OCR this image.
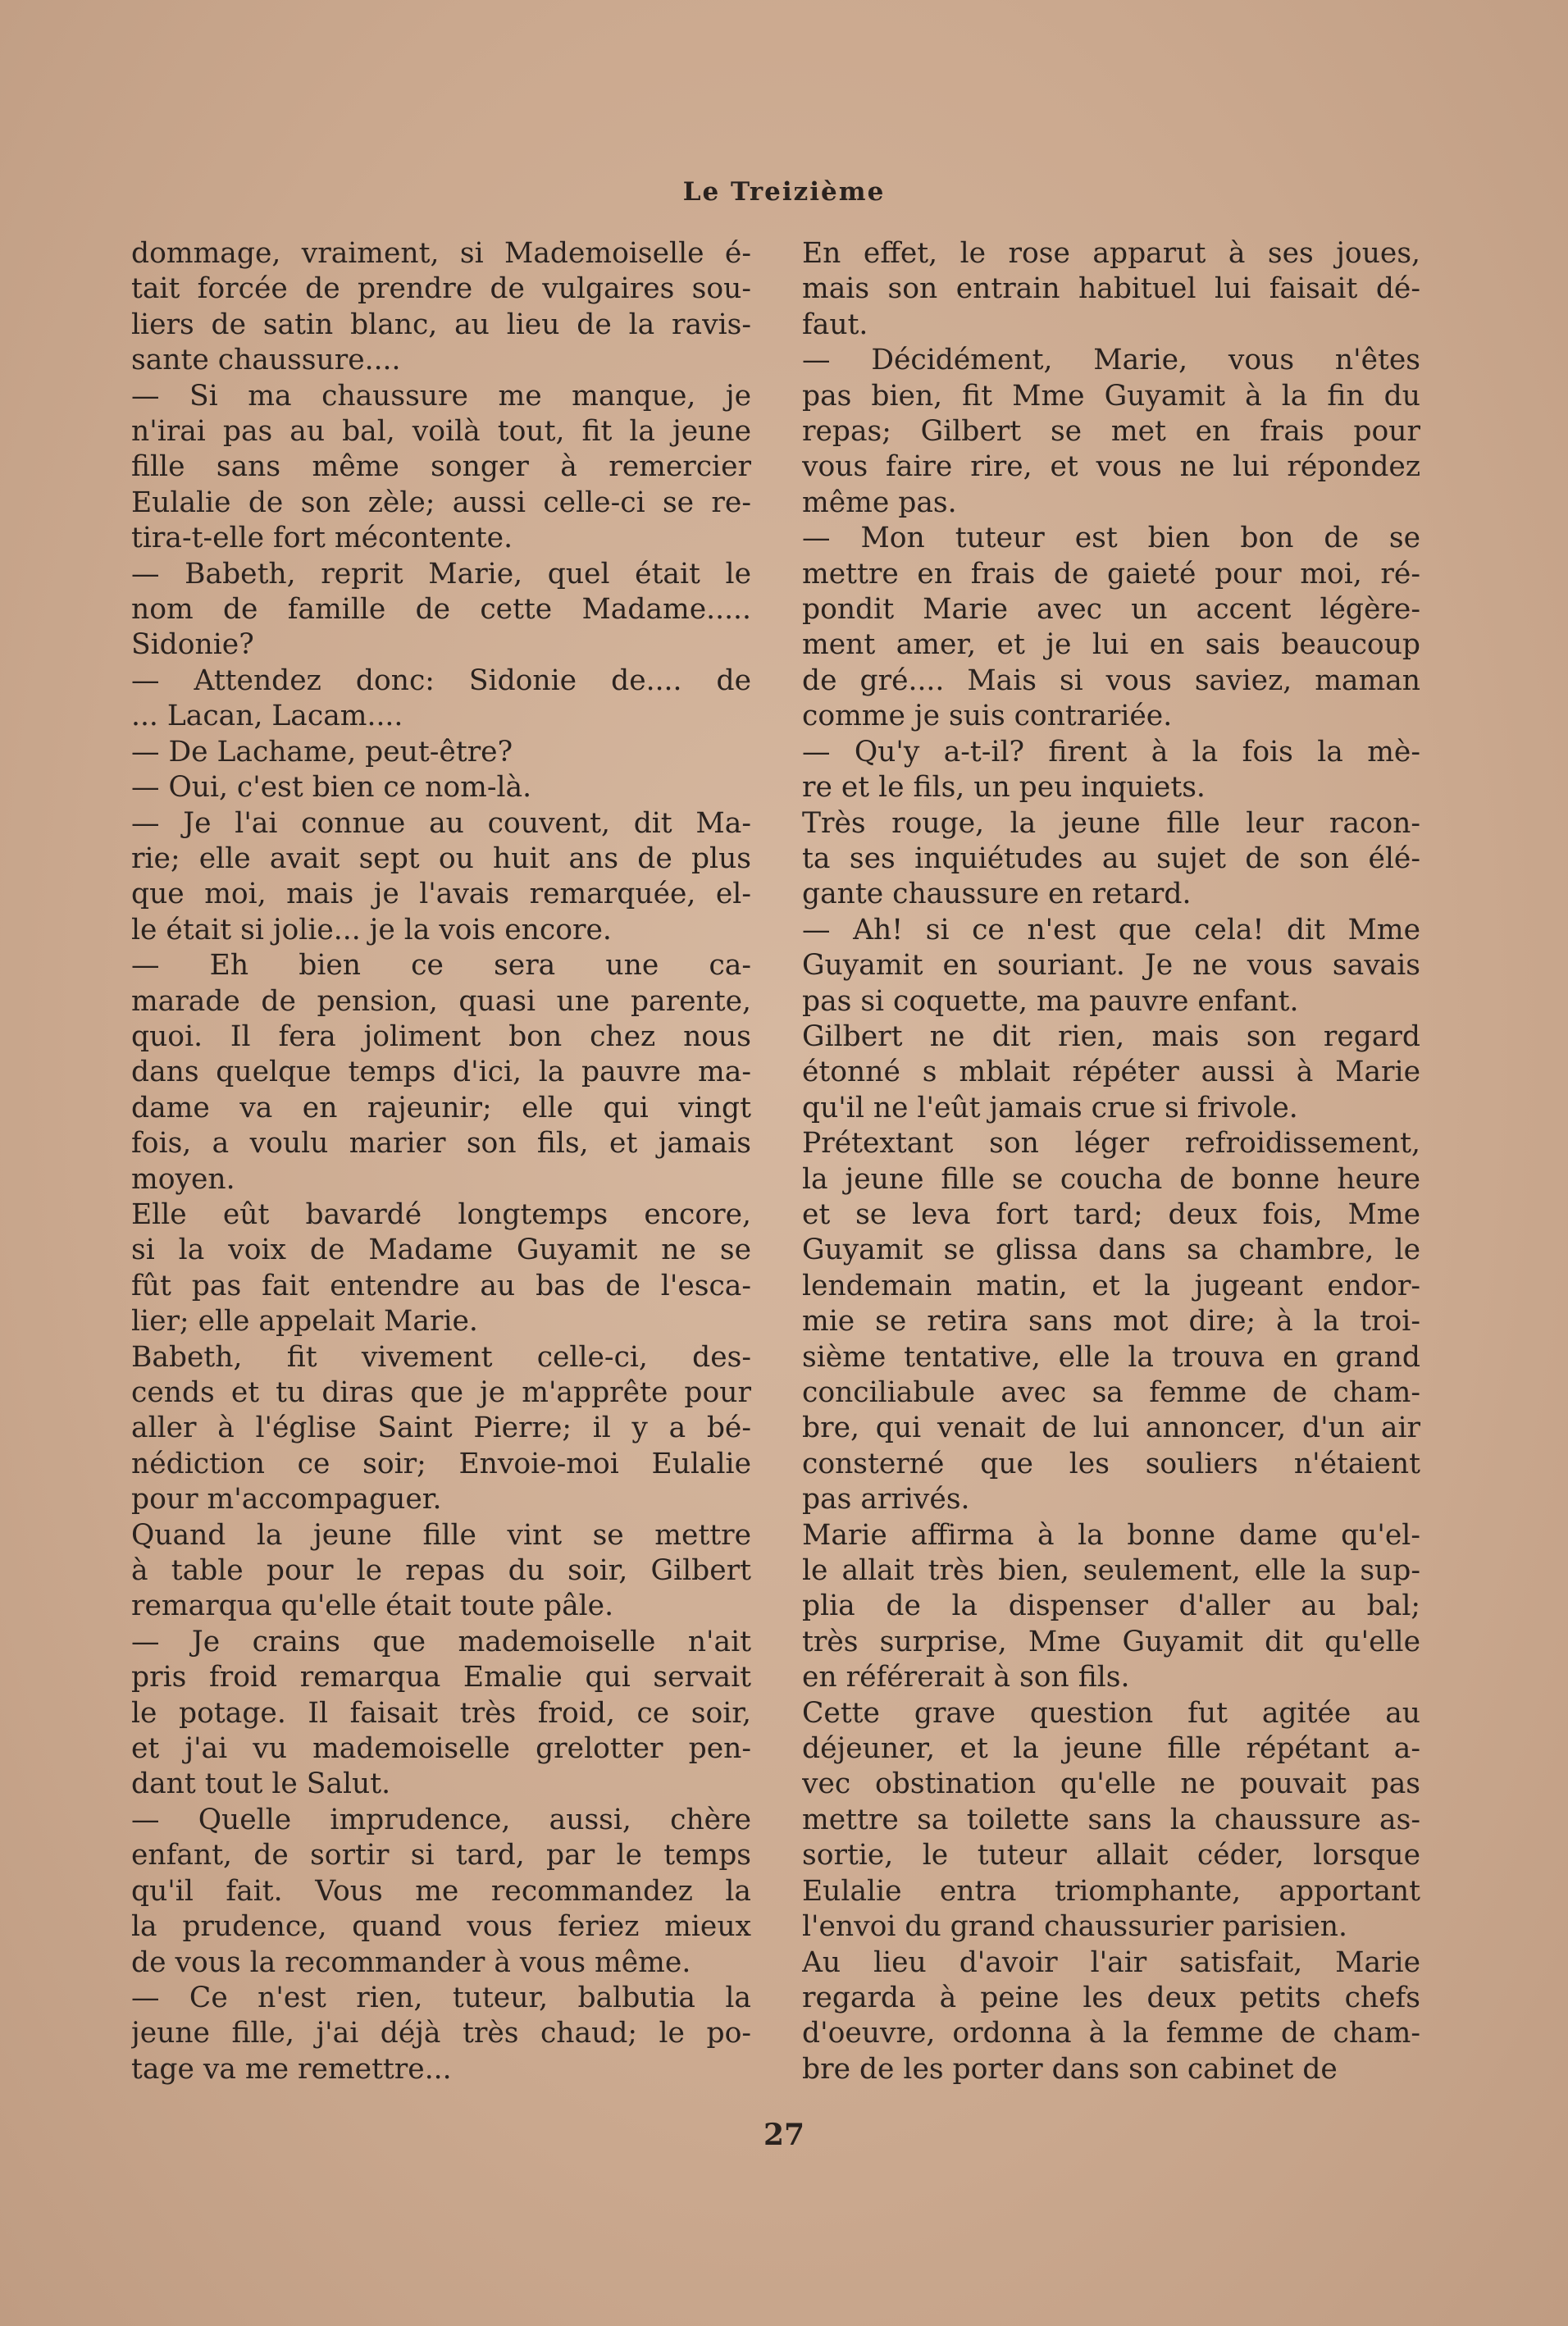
Le Treizième
dommage, vraiment, si Mademoiselle é-
tait forcée de prendre de vulgaires sou-
liers de satin blanc, au lieu de la ravis-
sante chaussure....
— Si ma chaussure me manque, je
n'irai pas au bal, voilà tout, fit la jeune
fille sans même songer à remercier
Eulalie de son zèle; aussi celle-ci se re-
tira-t-elle fort mécontente.
— Babeth, reprit Marie, quel était le
nom de famille de cette Madame.....
Sidonie?
— Attendez donc: Sidonie de.... de
... Lacan, Lacam....
— De Lachame, peut-être?
— Oui, c'est bien ce nom-là.
— Je l'ai connue au couvent, dit Ma-
rie; elle avait sept ou huit ans de plus
que moi, mais je l'avais remarquée, el-
le était si jolie... je la vois encore.
— Eh bien ce sera une ca-
marade de pension, quasi une parente,
quoi. Il fera joliment bon chez nous
dans quelque temps d'ici, la pauvre ma-
dame va en rajeunir; elle qui vingt
fois, a voulu marier son fils, et jamais
moyen.
Elle eût bavardé longtemps encore,
si la voix de Madame Guyamit ne se
fût pas fait entendre au bas de l'esca-
lier; elle appelait Marie.
Babeth, fit vivement celle-ci, des-
cends et tu diras que je m'apprête pour
aller à l'église Saint Pierre; il y a bé-
nédiction ce soir; Envoie-moi Eulalie
pour m'accompaguer.
Quand la jeune fille vint se mettre
à table pour le repas du soir, Gilbert
remarqua qu'elle était toute pâle.
— Je crains que mademoiselle n'ait
pris froid remarqua Emalie qui servait
le potage. Il faisait très froid, ce soir,
et j'ai vu mademoiselle grelotter pen-
dant tout le Salut.
— Quelle imprudence, aussi, chère
enfant, de sortir si tard, par le temps
qu'il fait. Vous me recommandez la
la prudence, quand vous feriez mieux
de vous la recommander à vous même.
— Ce n'est rien, tuteur, balbutia la
jeune fille, j'ai déjà très chaud; le po-
tage va me remettre...
En effet, le rose apparut à ses joues,
mais son entrain habituel lui faisait dé-
faut.
— Décidément, Marie, vous n'êtes
pas bien, fit Mme Guyamit à la fin du
repas; Gilbert se met en frais pour
vous faire rire, et vous ne lui répondez
même pas.
— Mon tuteur est bien bon de se
mettre en frais de gaieté pour moi, ré-
pondit Marie avec un accent légère-
ment amer, et je lui en sais beaucoup
de gré.... Mais si vous saviez, maman
comme je suis contrariée.
— Qu'y a-t-il? firent à la fois la mè-
re et le fils, un peu inquiets.
Très rouge, la jeune fille leur racon-
ta ses inquiétudes au sujet de son élé-
gante chaussure en retard.
— Ah! si ce n'est que cela! dit Mme
Guyamit en souriant. Je ne vous savais
pas si coquette, ma pauvre enfant.
Gilbert ne dit rien, mais son regard
étonné s mblait répéter aussi à Marie
qu'il ne l'eût jamais crue si frivole.
Prétextant son léger refroidissement,
la jeune fille se coucha de bonne heure
et se leva fort tard; deux fois, Mme
Guyamit se glissa dans sa chambre, le
lendemain matin, et la jugeant endor-
mie se retira sans mot dire; à la troi-
sième tentative, elle la trouva en grand
conciliabule avec sa femme de cham-
bre, qui venait de lui annoncer, d'un air
consterné que les souliers n'étaient
pas arrivés.
Marie affirma à la bonne dame qu'el-
le allait très bien, seulement, elle la sup-
plia de la dispenser d'aller au bal;
très surprise, Mme Guyamit dit qu'elle
en référerait à son fils.
Cette grave question fut agitée au
déjeuner, et la jeune fille répétant a-
vec obstination qu'elle ne pouvait pas
mettre sa toilette sans la chaussure as-
sortie, le tuteur allait céder, lorsque
Eulalie entra triomphante, apportant
l'envoi du grand chaussurier parisien.
Au lieu d'avoir l'air satisfait, Marie
regarda à peine les deux petits chefs
d'oeuvre, ordonna à la femme de cham-
bre de les porter dans son cabinet de
27
